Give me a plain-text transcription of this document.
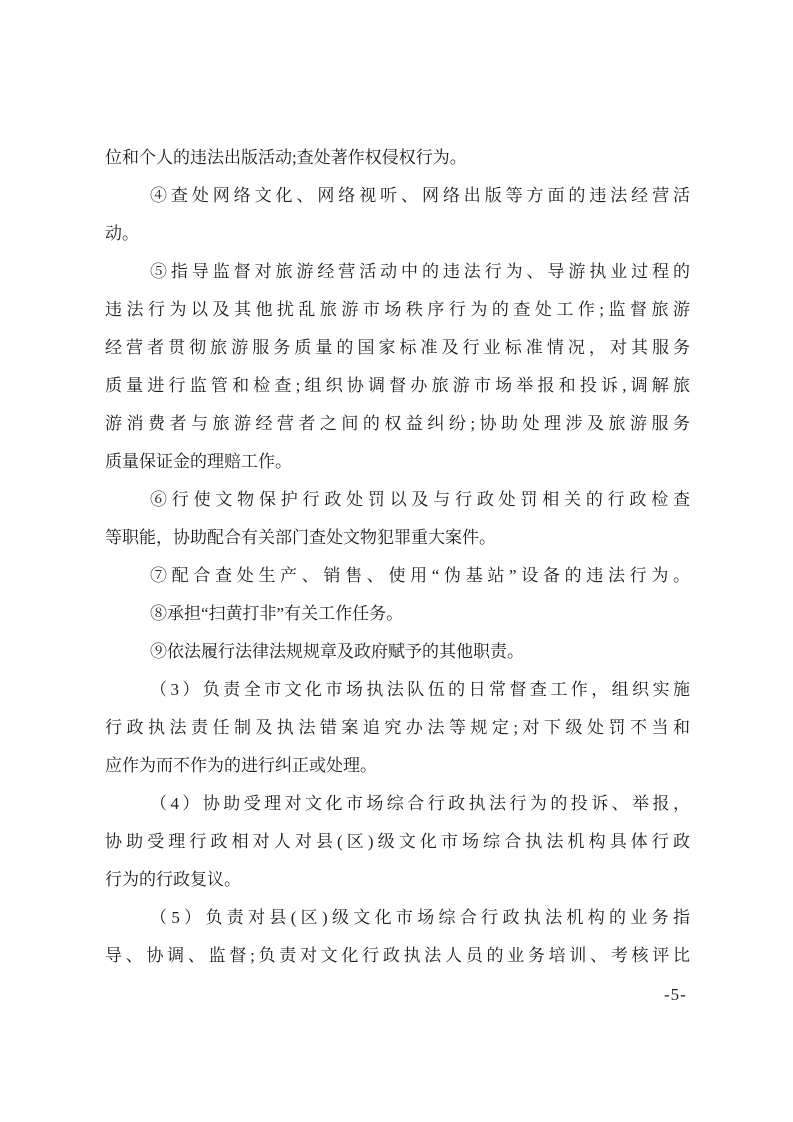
位和个人的违法出版活动;查处著作权侵权行为。
④查处网络文化、网络视听、网络出版等方面的违法经营活
动。
⑤指导监督对旅游经营活动中的违法行为、导游执业过程的
违法行为以及其他扰乱旅游市场秩序行为的查处工作;监督旅游
经营者贯彻旅游服务质量的国家标准及行业标准情况，对其服务
质量进行监管和检查;组织协调督办旅游市场举报和投诉,调解旅
游消费者与旅游经营者之间的权益纠纷;协助处理涉及旅游服务
质量保证金的理赔工作。
⑥行使文物保护行政处罚以及与行政处罚相关的行政检查
等职能，协助配合有关部门查处文物犯罪重大案件。
⑦配合查处生产、销售、使用“伪基站”设备的违法行为。
⑧承担“扫黄打非”有关工作任务。
⑨依法履行法律法规规章及政府赋予的其他职责。
（3）负责全市文化市场执法队伍的日常督查工作，组织实施
行政执法责任制及执法错案追究办法等规定;对下级处罚不当和
应作为而不作为的进行纠正或处理。
（4）协助受理对文化市场综合行政执法行为的投诉、举报，
协助受理行政相对人对县(区)级文化市场综合执法机构具体行政
行为的行政复议。
（5）负责对县(区)级文化市场综合行政执法机构的业务指
导、协调、监督;负责对文化行政执法人员的业务培训、考核评比
-5-
